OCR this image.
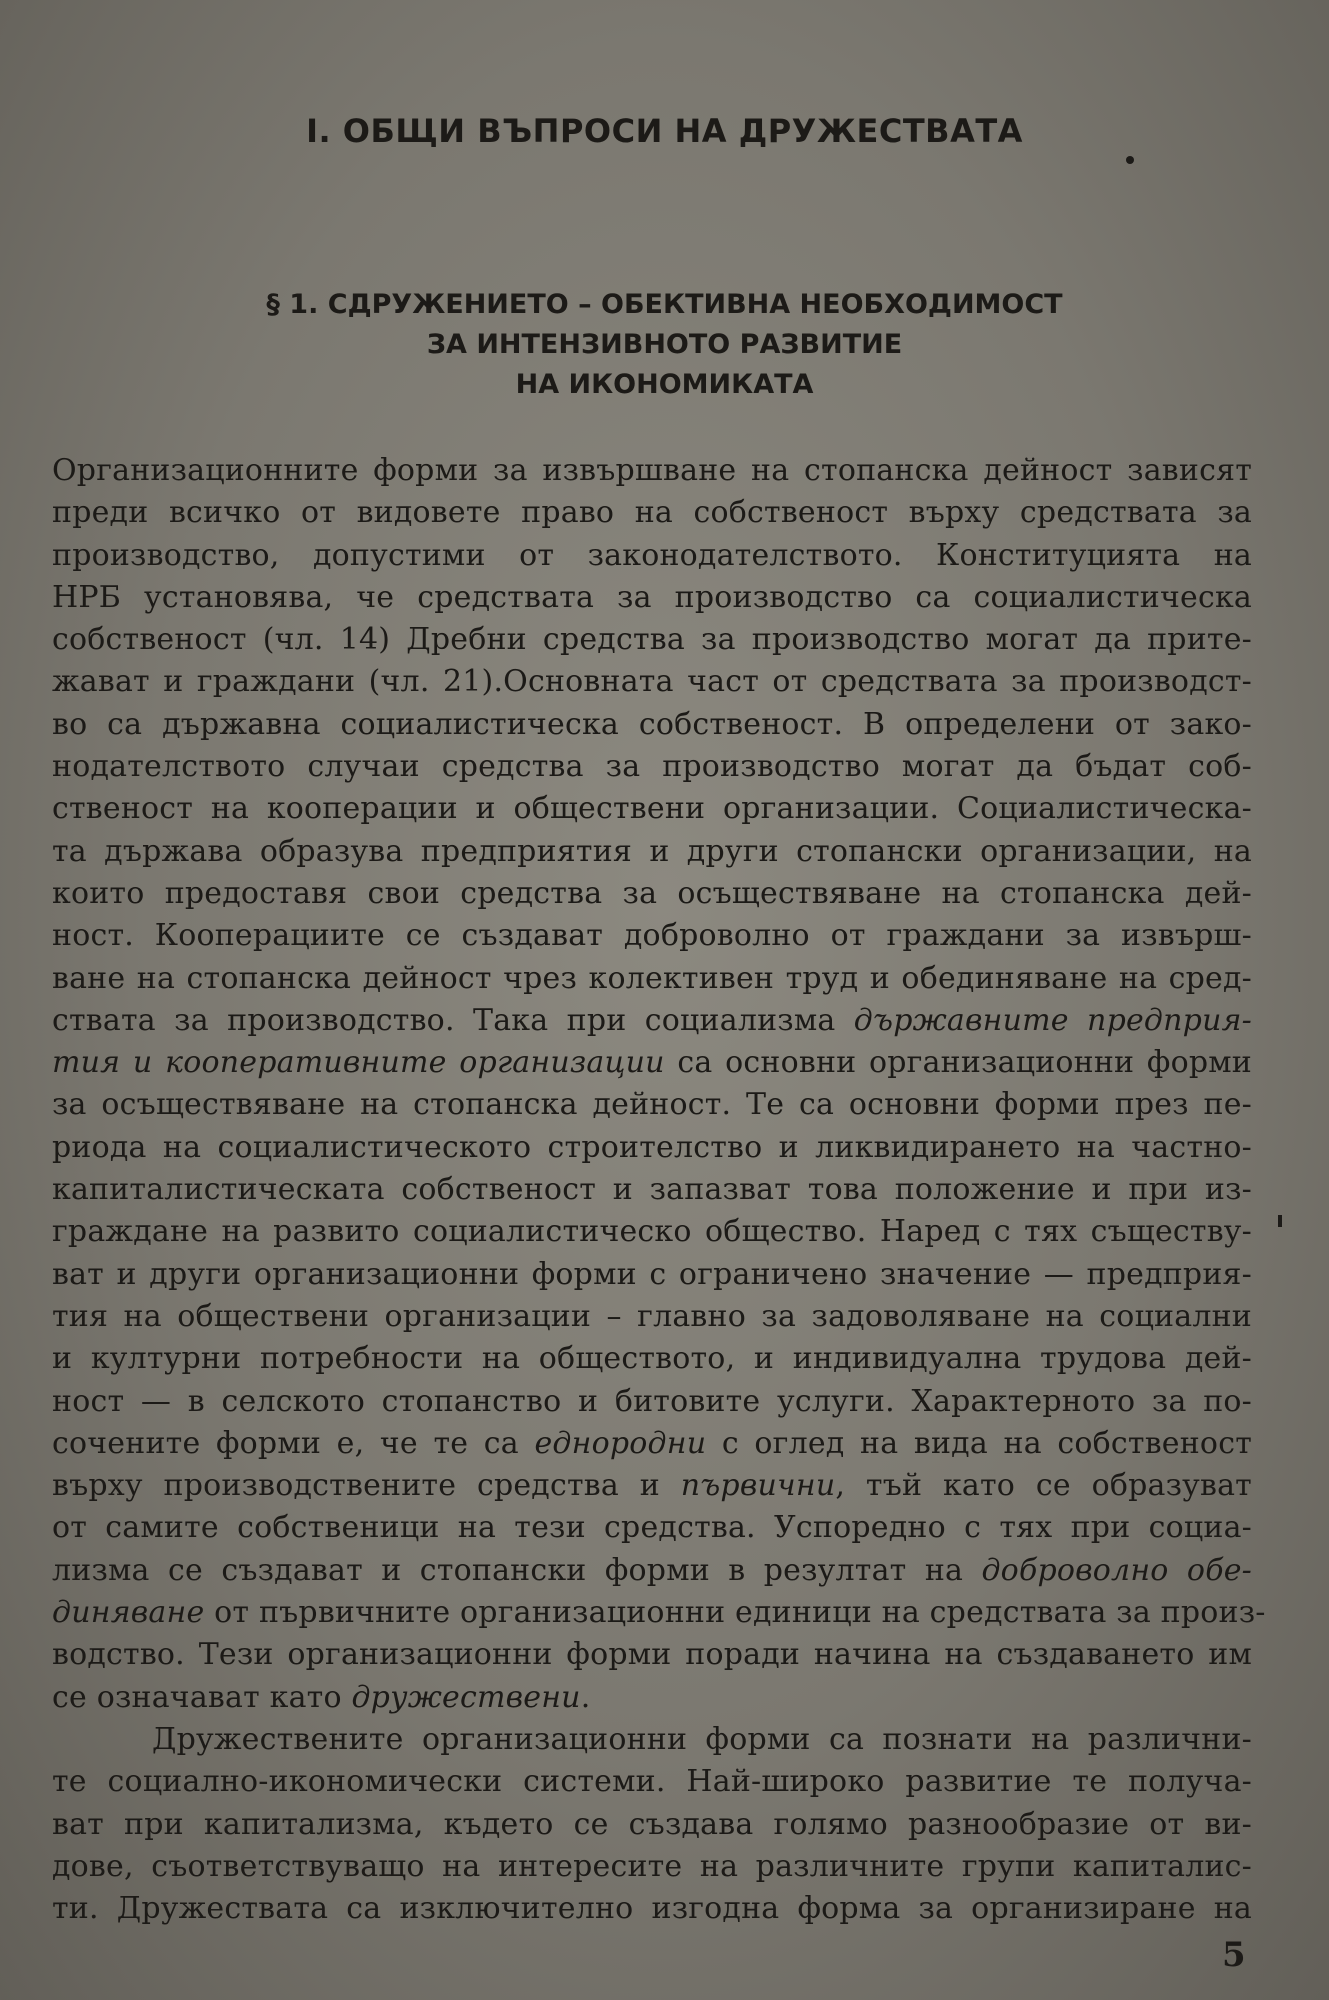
I. ОБЩИ ВЪПРОСИ НА ДРУЖЕСТВАТА
§ 1. СДРУЖЕНИЕТО – ОБЕКТИВНА НЕОБХОДИМОСТ
ЗА ИНТЕНЗИВНОТО РАЗВИТИЕ
НА ИКОНОМИКАТА
Организационните форми за извършване на стопанска дейност зависят
преди всичко от видовете право на собственост върху средствата за
производство, допустими от законодателството. Конституцията на
НРБ установява, че средствата за производство са социалистическа
собственост (чл. 14) Дребни средства за производство могат да прите-
жават и граждани (чл. 21).Основната част от средствата за производст-
во са държавна социалистическа собственост. В определени от зако-
нодателството случаи средства за производство могат да бъдат соб-
ственост на кооперации и обществени организации. Социалистическа-
та държава образува предприятия и други стопански организации, на
които предоставя свои средства за осъществяване на стопанска дей-
ност. Кооперациите се създават доброволно от граждани за извърш-
ване на стопанска дейност чрез колективен труд и обединяване на сред-
ствата за производство. Така при социализма държавните предприя-
тия и кооперативните организации са основни организационни форми
за осъществяване на стопанска дейност. Те са основни форми през пе-
риода на социалистическото строителство и ликвидирането на частно-
капиталистическата собственост и запазват това положение и при из-
граждане на развито социалистическо общество. Наред с тях съществу-
ват и други организационни форми с ограничено значение — предприя-
тия на обществени организации – главно за задоволяване на социални
и културни потребности на обществото, и индивидуална трудова дей-
ност — в селското стопанство и битовите услуги. Характерното за по-
сочените форми е, че те са еднородни с оглед на вида на собственост
върху производствените средства и първични, тъй като се образуват
от самите собственици на тези средства. Успоредно с тях при социа-
лизма се създават и стопански форми в резултат на доброволно обе-
диняване от първичните организационни единици на средствата за произ-
водство. Тези организационни форми поради начина на създаването им
се означават като дружествени.
Дружествените организационни форми са познати на различни-
те социално-икономически системи. Най-широко развитие те получа-
ват при капитализма, където се създава голямо разнообразие от ви-
дове, съответствуващо на интересите на различните групи капиталис-
ти. Дружествата са изключително изгодна форма за организиране на
5
